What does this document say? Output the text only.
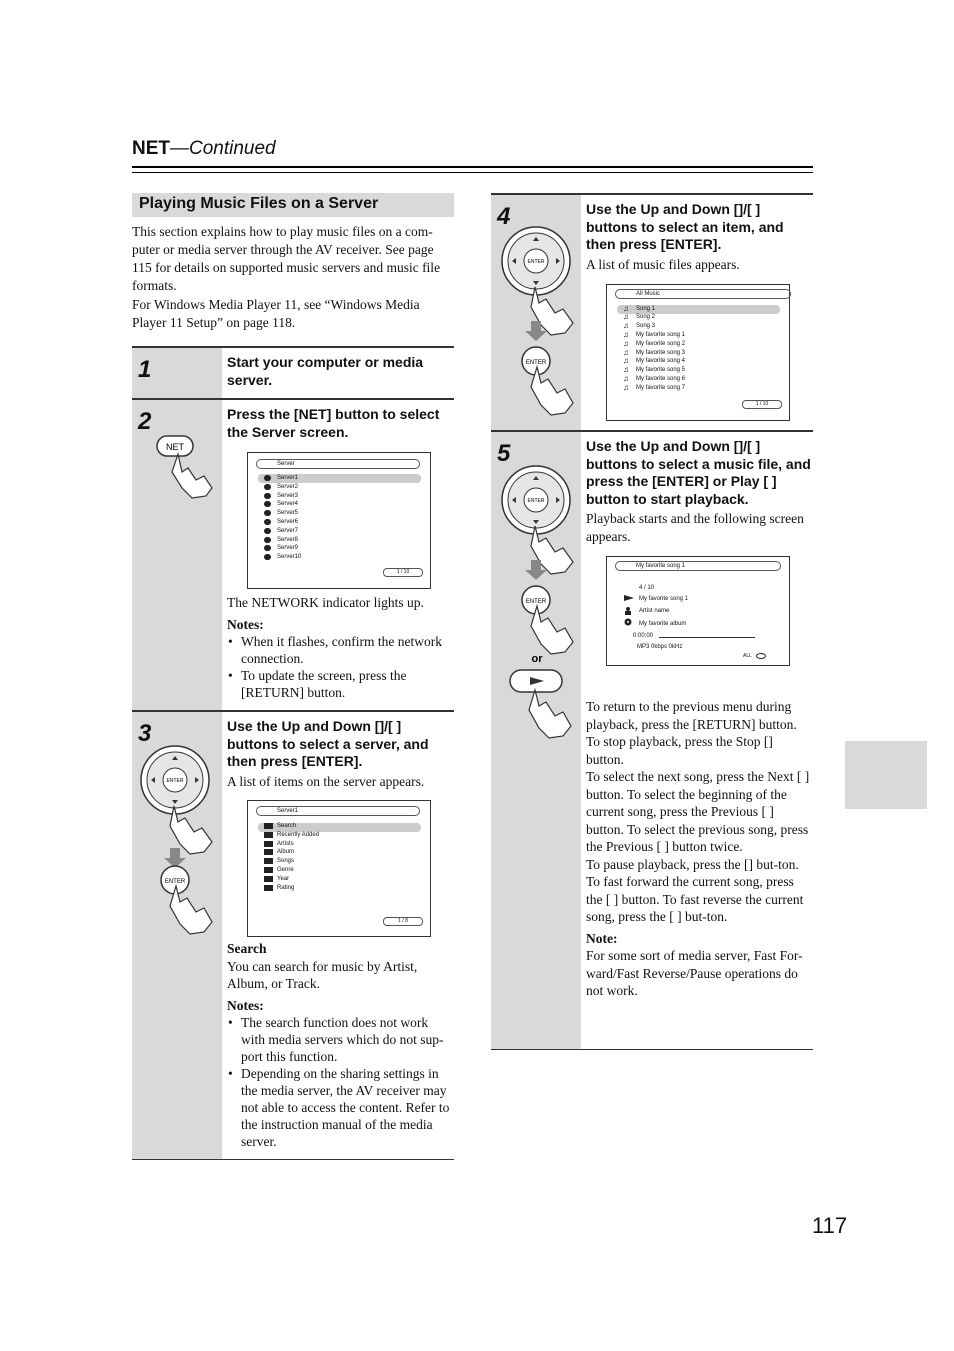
NET—Continued
Playing Music Files on a Server

This section explains how to play music files on a com-puter or media server through the AV receiver. See page 115 for details on supported music servers and music file formats.

For Windows Media Player 11, see “Windows Media Player 11 Setup” on page 118.

1	Start your computer or media server.
2
NET
Press the [NET] button to select the Server screen.
Server
Server1
Server2
Server3
Server4
Server5
Server6
Server7
Server8
Server9
Server10
1 / 10

The NETWORK indicator lights up.

Notes:

• When it flashes, confirm the network connection.
• To update the screen, press the [RETURN] button.
3
ENTER
ENTER
Use the Up and Down []/[ ] buttons to select a server, and then press [ENTER].
A list of items on the server appears.
Server1
Search
Recently Added
Artists
Album
Songs
Genre
Year
Rating
1 / 8

Search

You can search for music by Artist, Album, or Track.

Notes:

• The search function does not work with media servers which do not sup-port this function.
• Depending on the sharing settings in the media server, the AV receiver may not able to access the content. Refer to the instruction manual of the media server.
4
ENTER
ENTER
Use the Up and Down []/[ ] buttons to select an item, and then press [ENTER].
A list of music files appears.
All Music
♫ Song 1
♫ Song 2
♫ Song 3
♫ My favorite song 1
♫ My favorite song 2
♫ My favorite song 3
♫ My favorite song 4
♫ My favorite song 5
♫ My favorite song 6
♫ My favorite song 7
1 / 10
5
ENTER
ENTER
or
Use the Up and Down []/[ ] buttons to select a music file, and press the [ENTER] or Play [ ] button to start playback.
Playback starts and the following screen appears.
My favorite song 1
4 / 10
My favorite song 1
Artist name
My favorite album
0:00:00
MP3 0kbps 0kHz
ALL

To return to the previous menu during playback, press the [RETURN] button. To stop playback, press the Stop [] button.

To select the next song, press the Next [ ] button. To select the beginning of the current song, press the Previous [ ] button. To select the previous song, press the Previous [ ] button twice.

To pause playback, press the [] but-ton. To fast forward the current song, press the [ ] button. To fast reverse the current song, press the [ ] but-ton.

Note:

For some sort of media server, Fast For-ward/Fast Reverse/Pause operations do not work.

117
